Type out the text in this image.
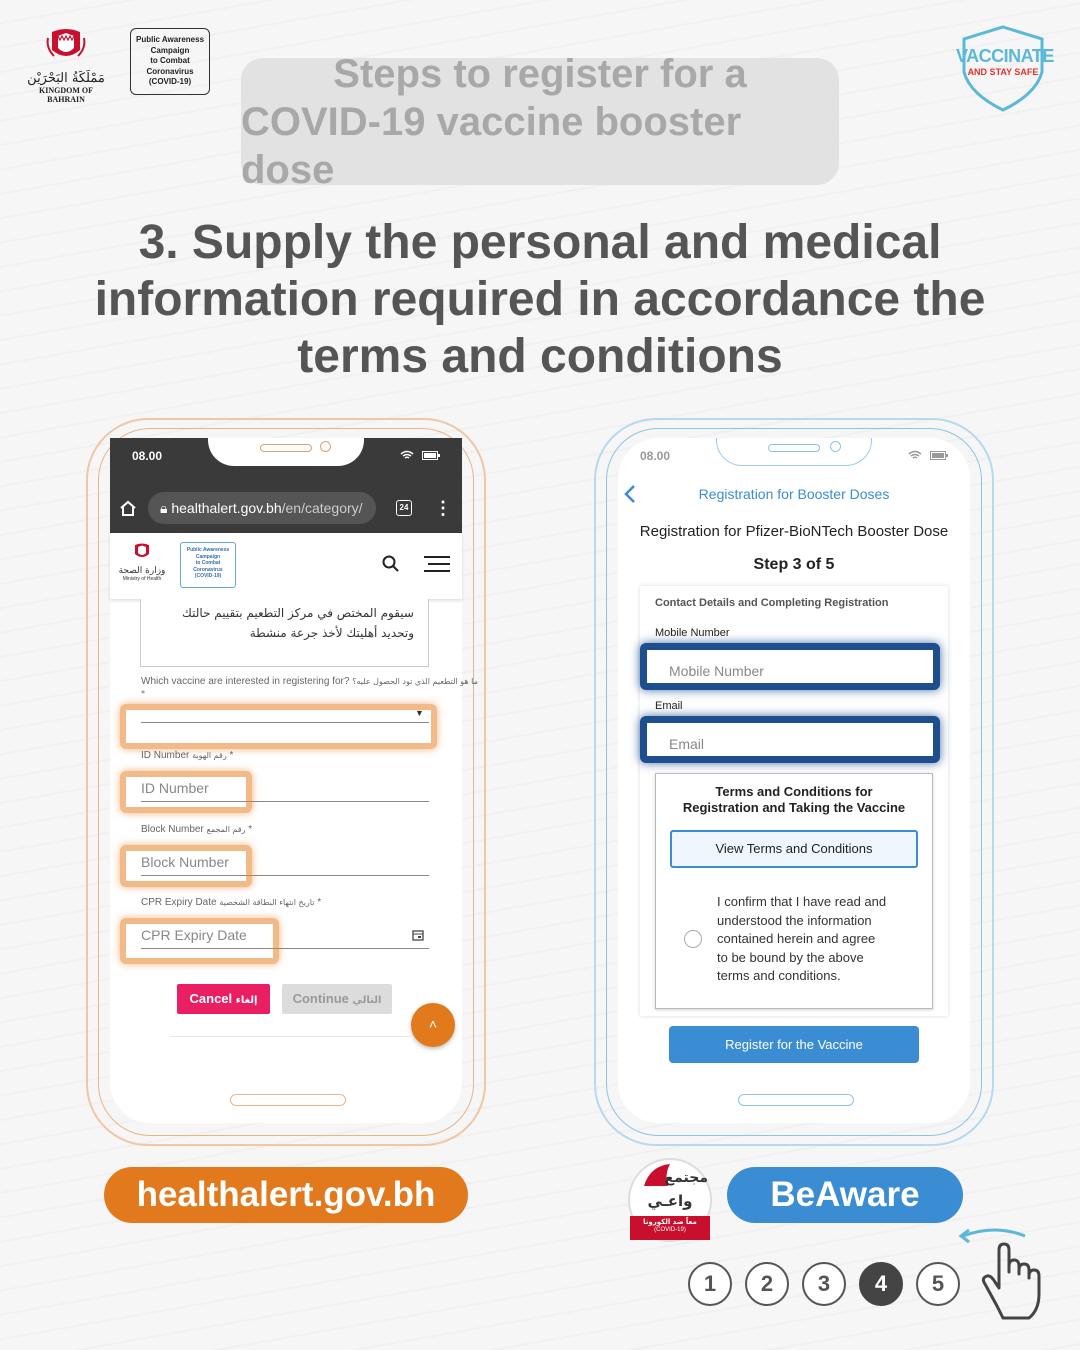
مَمْلَكَةُ البَحْرَيْن
KINGDOM OF BAHRAIN
Public Awareness
Campaign
to Combat
Coronavirus
(COVID-19)
VACCINATE
AND STAY SAFE
Steps to register for a
COVID-19 vaccine booster dose
3. Supply the personal and medical
information required in accordance the
terms and conditions
08.00
🔒︎ healthalert.gov.bh/en/category/	24 ⋮
وزارة الصحة
Ministry of Health
Public Awareness
Campaign
to Combat
Coronavirus
(COVID-19)
سيقوم المختص في مركز التطعيم بتقييم حالتك
وتحديد أهليتك لأخذ جرعة منشطة
Which vaccine are interested in registering for? ما هو التطعيم الذي تود الحصول عليه؟
*
▼
ID Number رقم الهوية *
ID Number
Block Number رقم المجمع *
Block Number
CPR Expiry Date تاريخ انتهاء البطاقة الشخصية *
CPR Expiry Date
Cancel إلغاء	Continue التالي
˄
08.00
Registration for Booster Doses
Registration for Pfizer-BioNTech Booster Dose
Step 3 of 5
Contact Details and Completing Registration
Mobile Number
Mobile Number
Email
Email
Terms and Conditions for
Registration and Taking the Vaccine
View Terms and Conditions
I confirm that I have read and
understood the information
contained herein and agree
to be bound by the above
terms and conditions.
Register for the Vaccine
healthalert.gov.bh	مجتمع
واعـي
معاً ضد الكورونا
(COVID-19)
BeAware
1	2	3	4	5
